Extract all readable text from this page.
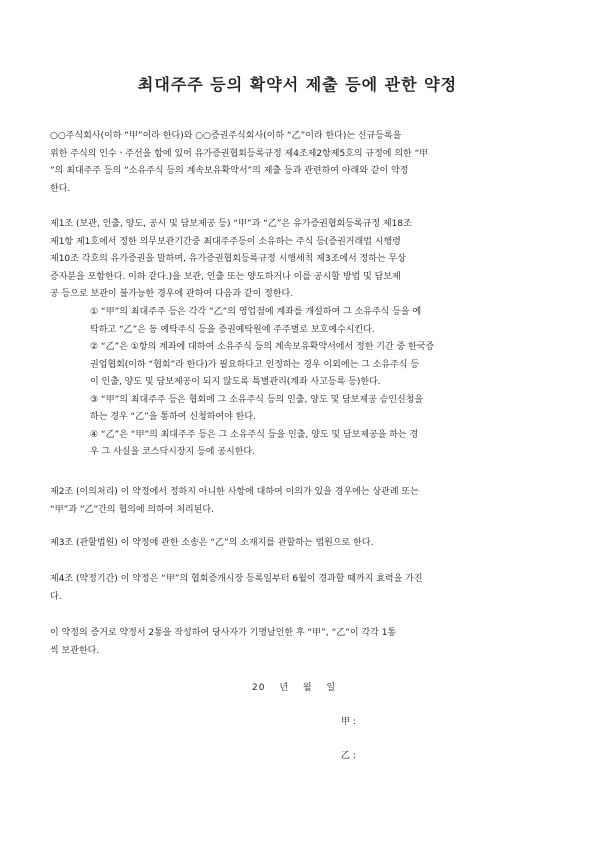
최대주주 등의 확약서 제출 등에 관한 약정
○○주식회사(이하 “甲”이라 한다)와 ○○증권주식회사(이하 “乙”이라 한다)는 신규등록을
위한 주식의 인수ㆍ주선을 함에 있어 유가증권협회등록규정 제4조제2항제5호의 규정에 의한 “甲
”의 최대주주 등의 “소유주식 등의 계속보유확약서”의 제출 등과 관련하여 아래와 같이 약정
한다.
제1조 (보관, 인출, 양도, 공시 및 담보제공 등) “甲”과 “乙”은 유가증권협회등록규정 제18조
제1항 제1호에서 정한 의무보관기간중 최대주주등이 소유하는 주식 등(증권거래법 시행령
제10조 각호의 유가증권을 말하며, 유가증권협회등록규정 시행세칙 제3조에서 정하는 무상
증자분을 포함한다. 이하 같다.)을 보관, 인출 또는 양도하거나 이를 공시할 방법 및 담보제
공 등으로 보관이 불가능한 경우에 관하여 다음과 같이 정한다.
① “甲”의 최대주주 등은 각각 “乙”의 영업점에 계좌를 개설하여 그 소유주식 등을 예
탁하고 “乙”은 동 예탁주식 등을 증권예탁원에 주주별로 보호예수시킨다.
② “乙”은 ①항의 계좌에 대하여 소유주식 등의 계속보유확약서에서 정한 기간 중 한국증
권업협회(이하 “협회”라 한다)가 필요하다고 인정하는 경우 이외에는 그 소유주식 등
이 인출, 양도 및 담보제공이 되지 않도록 특별관리(계좌 사고등록 등)한다.
③ “甲”의 최대주주 등은 협회에 그 소유주식 등의 인출, 양도 및 담보제공 승인신청을
하는 경우 “乙”을 통하여 신청하여야 한다.
④ “乙”은 “甲”의 최대주주 등은 그 소유주식 등을 인출, 양도 및 담보제공을 하는 경
우 그 사실을 코스닥시장지 등에 공시한다.
제2조 (이의처리) 이 약정에서 정하지 아니한 사항에 대하여 이의가 있을 경우에는 상관례 또는
“甲”과 “乙”간의 협의에 의하여 처리된다.
제3조 (관할법원) 이 약정에 관한 소송은 “乙”의 소재지를 관할하는 법원으로 한다.
제4조 (약정기간) 이 약정은 “甲”의 협회증개시장 등록일부터 6월이 경과할 때까지 효력을 가진
다.
이 약정의 증거로 약정서 2통을 작성하여 당사자가 기명날인한 후 “甲”, “乙”이 각각 1통
씩 보관한다.
20 년 월 일
甲 :
乙 :
